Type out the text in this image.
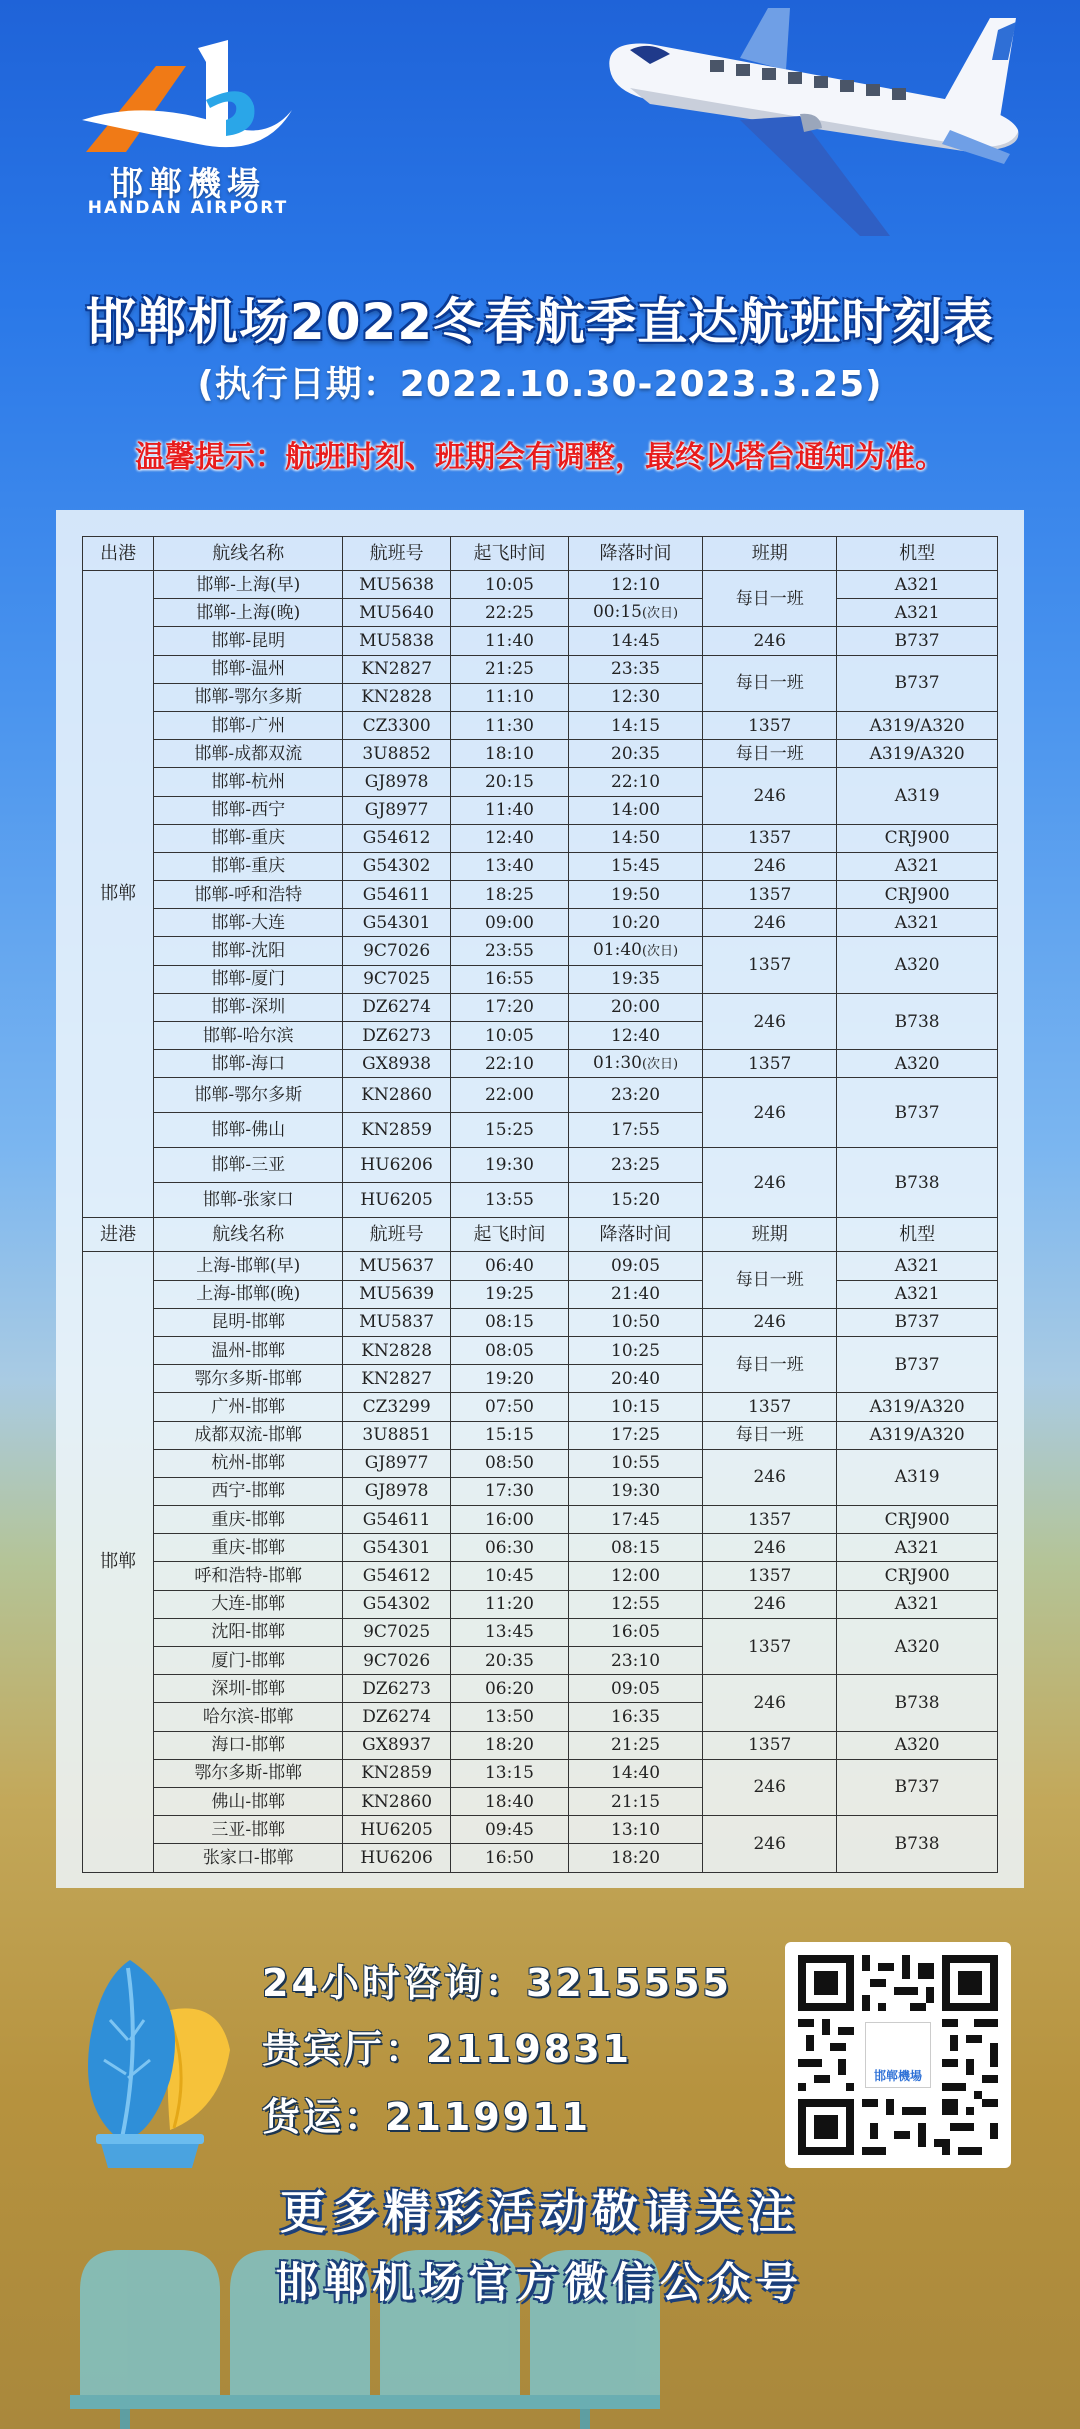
邯郸機場
HANDAN AIRPORT
邯郸机场2022冬春航季直达航班时刻表
(执行日期：2022.10.30-2023.3.25)
温馨提示：航班时刻、班期会有调整，最终以塔台通知为准。
出港	航线名称	航班号	起飞时间	降落时间	班期	机型
邯郸	邯郸-上海(早)	MU5638	10:05	12:10	每日一班	A321
	邯郸-上海(晚)	MU5640	22:25	00:15(次日)		A321
	邯郸-昆明	MU5838	11:40	14:45	246	B737
	邯郸-温州	KN2827	21:25	23:35	每日一班	B737
	邯郸-鄂尔多斯	KN2828	11:10	12:30		
	邯郸-广州	CZ3300	11:30	14:15	1357	A319/A320
	邯郸-成都双流	3U8852	18:10	20:35	每日一班	A319/A320
	邯郸-杭州	GJ8978	20:15	22:10	246	A319
	邯郸-西宁	GJ8977	11:40	14:00		
	邯郸-重庆	G54612	12:40	14:50	1357	CRJ900
	邯郸-重庆	G54302	13:40	15:45	246	A321
	邯郸-呼和浩特	G54611	18:25	19:50	1357	CRJ900
	邯郸-大连	G54301	09:00	10:20	246	A321
	邯郸-沈阳	9C7026	23:55	01:40(次日)	1357	A320
	邯郸-厦门	9C7025	16:55	19:35		
	邯郸-深圳	DZ6274	17:20	20:00	246	B738
	邯郸-哈尔滨	DZ6273	10:05	12:40		
	邯郸-海口	GX8938	22:10	01:30(次日)	1357	A320
	邯郸-鄂尔多斯	KN2860	22:00	23:20	246	B737
	邯郸-佛山	KN2859	15:25	17:55		
	邯郸-三亚	HU6206	19:30	23:25	246	B738
	邯郸-张家口	HU6205	13:55	15:20		
进港	航线名称	航班号	起飞时间	降落时间	班期	机型
邯郸	上海-邯郸(早)	MU5637	06:40	09:05	每日一班	A321
	上海-邯郸(晚)	MU5639	19:25	21:40		A321
	昆明-邯郸	MU5837	08:15	10:50	246	B737
	温州-邯郸	KN2828	08:05	10:25	每日一班	B737
	鄂尔多斯-邯郸	KN2827	19:20	20:40		
	广州-邯郸	CZ3299	07:50	10:15	1357	A319/A320
	成都双流-邯郸	3U8851	15:15	17:25	每日一班	A319/A320
	杭州-邯郸	GJ8977	08:50	10:55	246	A319
	西宁-邯郸	GJ8978	17:30	19:30		
	重庆-邯郸	G54611	16:00	17:45	1357	CRJ900
	重庆-邯郸	G54301	06:30	08:15	246	A321
	呼和浩特-邯郸	G54612	10:45	12:00	1357	CRJ900
	大连-邯郸	G54302	11:20	12:55	246	A321
	沈阳-邯郸	9C7025	13:45	16:05	1357	A320
	厦门-邯郸	9C7026	20:35	23:10		
	深圳-邯郸	DZ6273	06:20	09:05	246	B738
	哈尔滨-邯郸	DZ6274	13:50	16:35		
	海口-邯郸	GX8937	18:20	21:25	1357	A320
	鄂尔多斯-邯郸	KN2859	13:15	14:40	246	B737
	佛山-邯郸	KN2860	18:40	21:15		
	三亚-邯郸	HU6205	09:45	13:10	246	B738
	张家口-邯郸	HU6206	16:50	18:20		
24小时咨询：3215555
贵宾厅：2119831
货运：2119911
邯郸機場
更多精彩活动敬请关注
邯郸机场官方微信公众号
